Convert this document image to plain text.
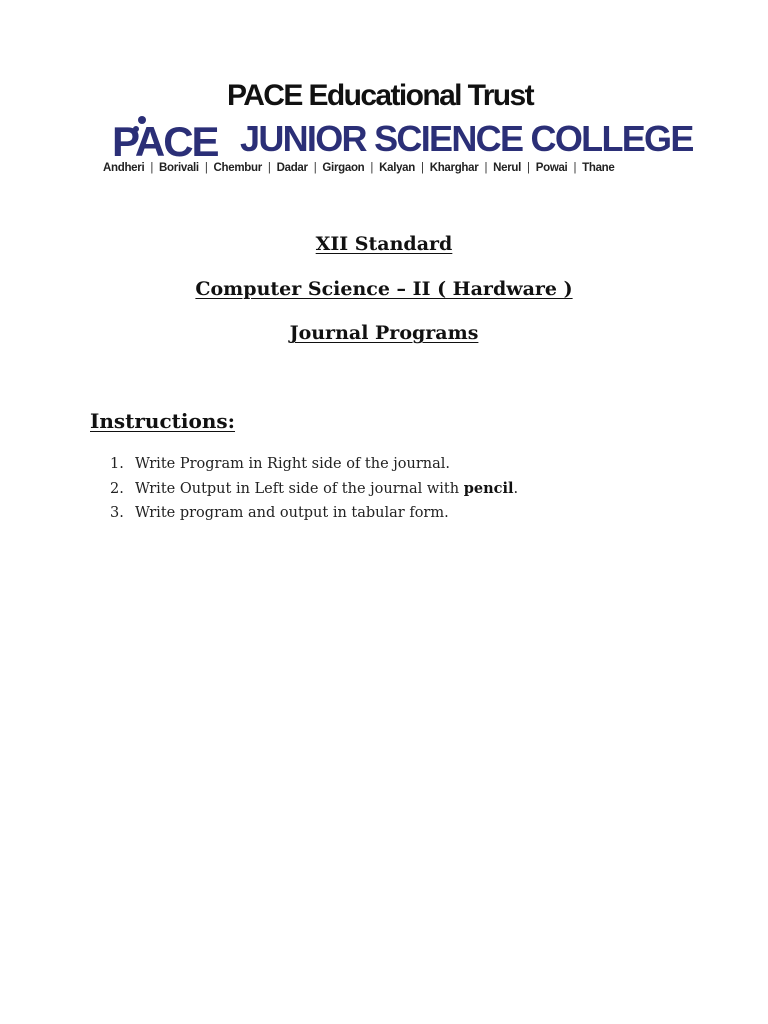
PACE Educational Trust
PACE JUNIOR SCIENCE COLLEGE
Andheri | Borivali | Chembur | Dadar | Girgaon | Kalyan | Kharghar | Nerul | Powai | Thane
XII Standard
Computer Science – II ( Hardware )
Journal Programs
Instructions:
1. Write Program in Right side of the journal.
2. Write Output in Left side of the journal with pencil.
3. Write program and output in tabular form.
